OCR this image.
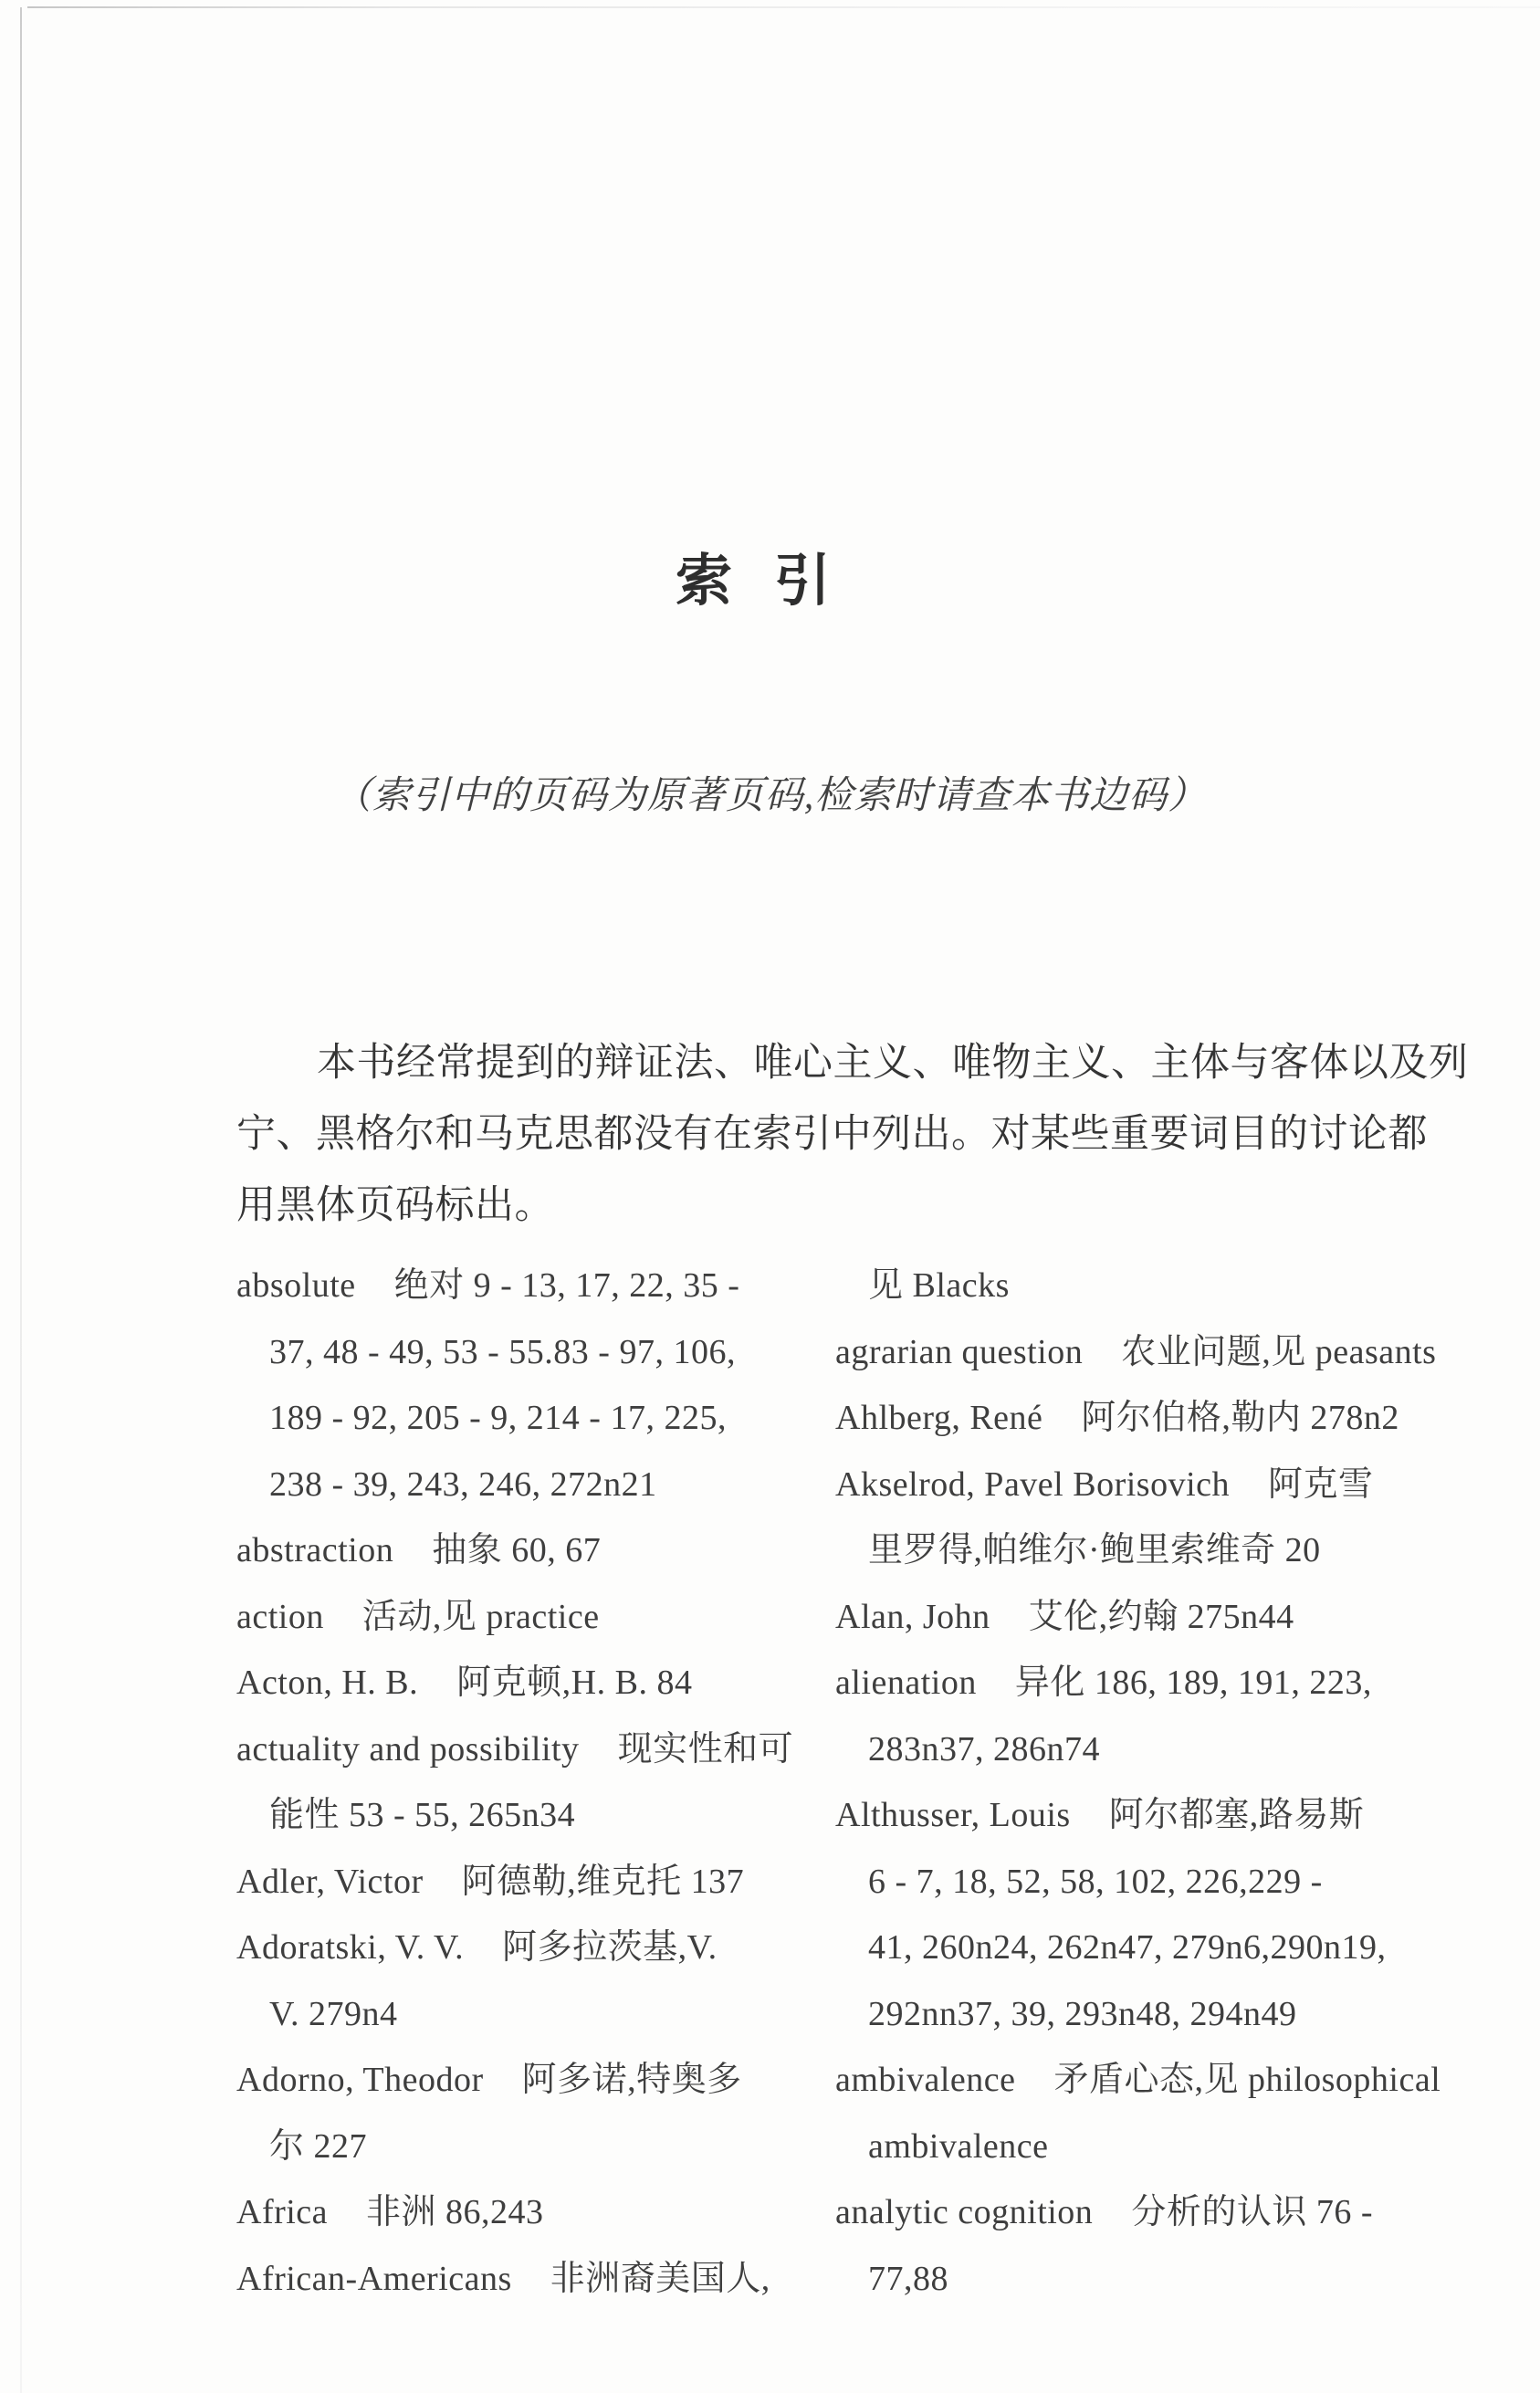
索 引
（索引中的页码为原著页码,检索时请查本书边码）
本书经常提到的辩证法、唯心主义、唯物主义、主体与客体以及列
宁、黑格尔和马克思都没有在索引中列出。对某些重要词目的讨论都
用黑体页码标出。
absolute 绝对 9 - 13, 17, 22, 35 -
37, 48 - 49, 53 - 55.83 - 97, 106,
189 - 92, 205 - 9, 214 - 17, 225,
238 - 39, 243, 246, 272n21
abstraction 抽象 60, 67
action 活动,见 practice
Acton, H. B. 阿克顿,H. B. 84
actuality and possibility 现实性和可
能性 53 - 55, 265n34
Adler, Victor 阿德勒,维克托 137
Adoratski, V. V. 阿多拉茨基,V.
V. 279n4
Adorno, Theodor 阿多诺,特奥多
尔 227
Africa 非洲 86,243
African-Americans 非洲裔美国人,
见 Blacks
agrarian question 农业问题,见 peasants
Ahlberg, René 阿尔伯格,勒内 278n2
Akselrod, Pavel Borisovich 阿克雪
里罗得,帕维尔·鲍里索维奇 20
Alan, John 艾伦,约翰 275n44
alienation 异化 186, 189, 191, 223,
283n37, 286n74
Althusser, Louis 阿尔都塞,路易斯
6 - 7, 18, 52, 58, 102, 226,229 -
41, 260n24, 262n47, 279n6,290n19,
292nn37, 39, 293n48, 294n49
ambivalence 矛盾心态,见 philosophical
ambivalence
analytic cognition 分析的认识 76 -
77,88
